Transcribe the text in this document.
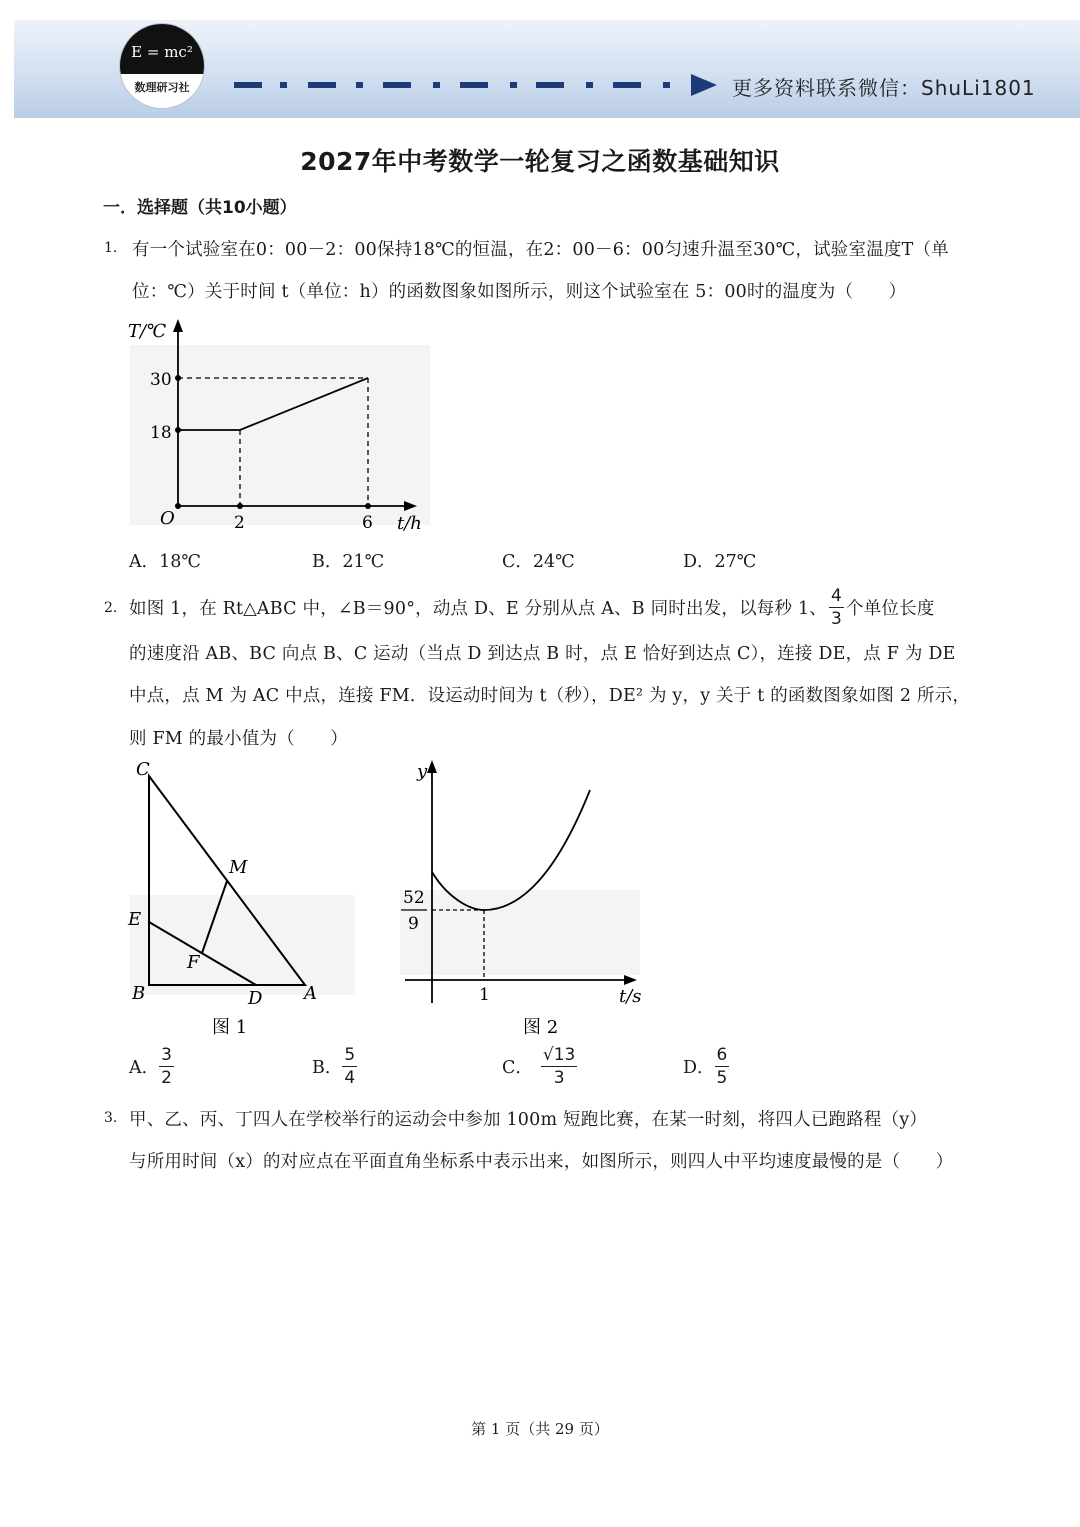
E = mc²
数理研习社	更多资料联系微信：ShuLi1801
2027年中考数学一轮复习之函数基础知识
一．选择题（共10小题）
1. 有一个试验室在0：00－2：00保持18℃的恒温，在2：00－6：00匀速升温至30℃，试验室温度T（单
位：℃）关于时间 t（单位：h）的函数图象如图所示，则这个试验室在 5：00时的温度为（　　）
T/℃
30
18
O	2	6 t/h
A．18℃	B．21℃	C．24℃	D．27℃
2. 如图 1，在 Rt△ABC 中，∠B＝90°，动点 D、E 分别从点 A、B 同时出发，以每秒 1、 $\frac{4}{3}$ 个单位长度
的速度沿 AB、BC 向点 B、C 运动（当点 D 到达点 B 时，点 E 恰好到达点 C），连接 DE，点 F 为 DE
中点，点 M 为 AC 中点，连接 FM．设运动时间为 t（秒），DE² 为 y，y 关于 t 的函数图象如图 2 所示，
则 FM 的最小值为（　　）
C
M
E
F
B	D A
图 1
y
52
9
1	t/s
图 2
A． $\frac{3}{2}$	B． $\frac{5}{4}$	C． $\frac{√13}{3}$	D． $\frac{6}{5}$
3. 甲、乙、丙、丁四人在学校举行的运动会中参加 100m 短跑比赛，在某一时刻，将四人已跑路程（y）
与所用时间（x）的对应点在平面直角坐标系中表示出来，如图所示，则四人中平均速度最慢的是（　　）
第 1 页（共 29 页）
